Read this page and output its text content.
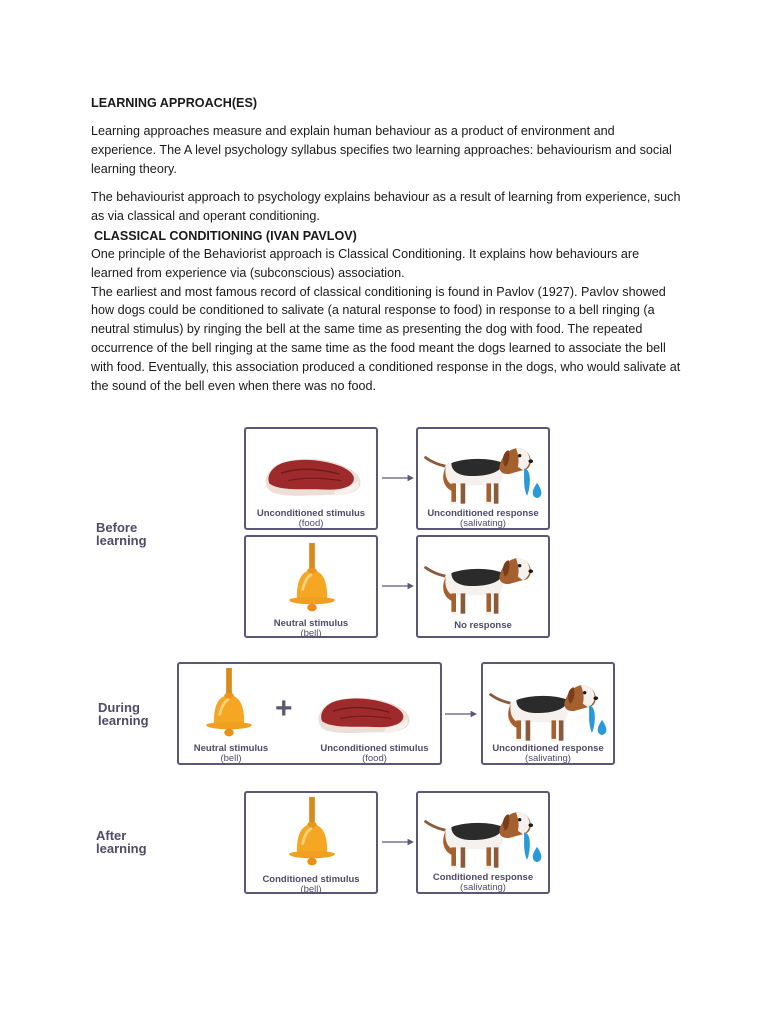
LEARNING APPROACH(ES)

Learning approaches measure and explain human behaviour as a product of environment and experience. The A level psychology syllabus specifies two learning approaches: behaviourism and social learning theory.

The behaviourist approach to psychology explains behaviour as a result of learning from experience, such as via classical and operant conditioning.

CLASSICAL CONDITIONING (IVAN PAVLOV)

One principle of the Behaviorist approach is Classical Conditioning. It explains how behaviours are learned from experience via (subconscious) association.

The earliest and most famous record of classical conditioning is found in Pavlov (1927). Pavlov showed how dogs could be conditioned to salivate (a natural response to food) in response to a bell ringing (a neutral stimulus) by ringing the bell at the same time as presenting the dog with food. The repeated occurrence of the bell ringing at the same time as the food meant the dogs learned to associate the bell with food. Eventually, this association produced a conditioned response in the dogs, who would salivate at the sound of the bell even when there was no food.

Before
learning
During
learning
After
learning
Unconditioned stimulus
(food)
Unconditioned response
(salivating)
Neutral stimulus
(bell)
No response
+
Neutral stimulus
(bell)
Unconditioned stimulus
(food)
Unconditioned response
(salivating)
Conditioned stimulus
(bell)
Conditioned response
(salivating)
